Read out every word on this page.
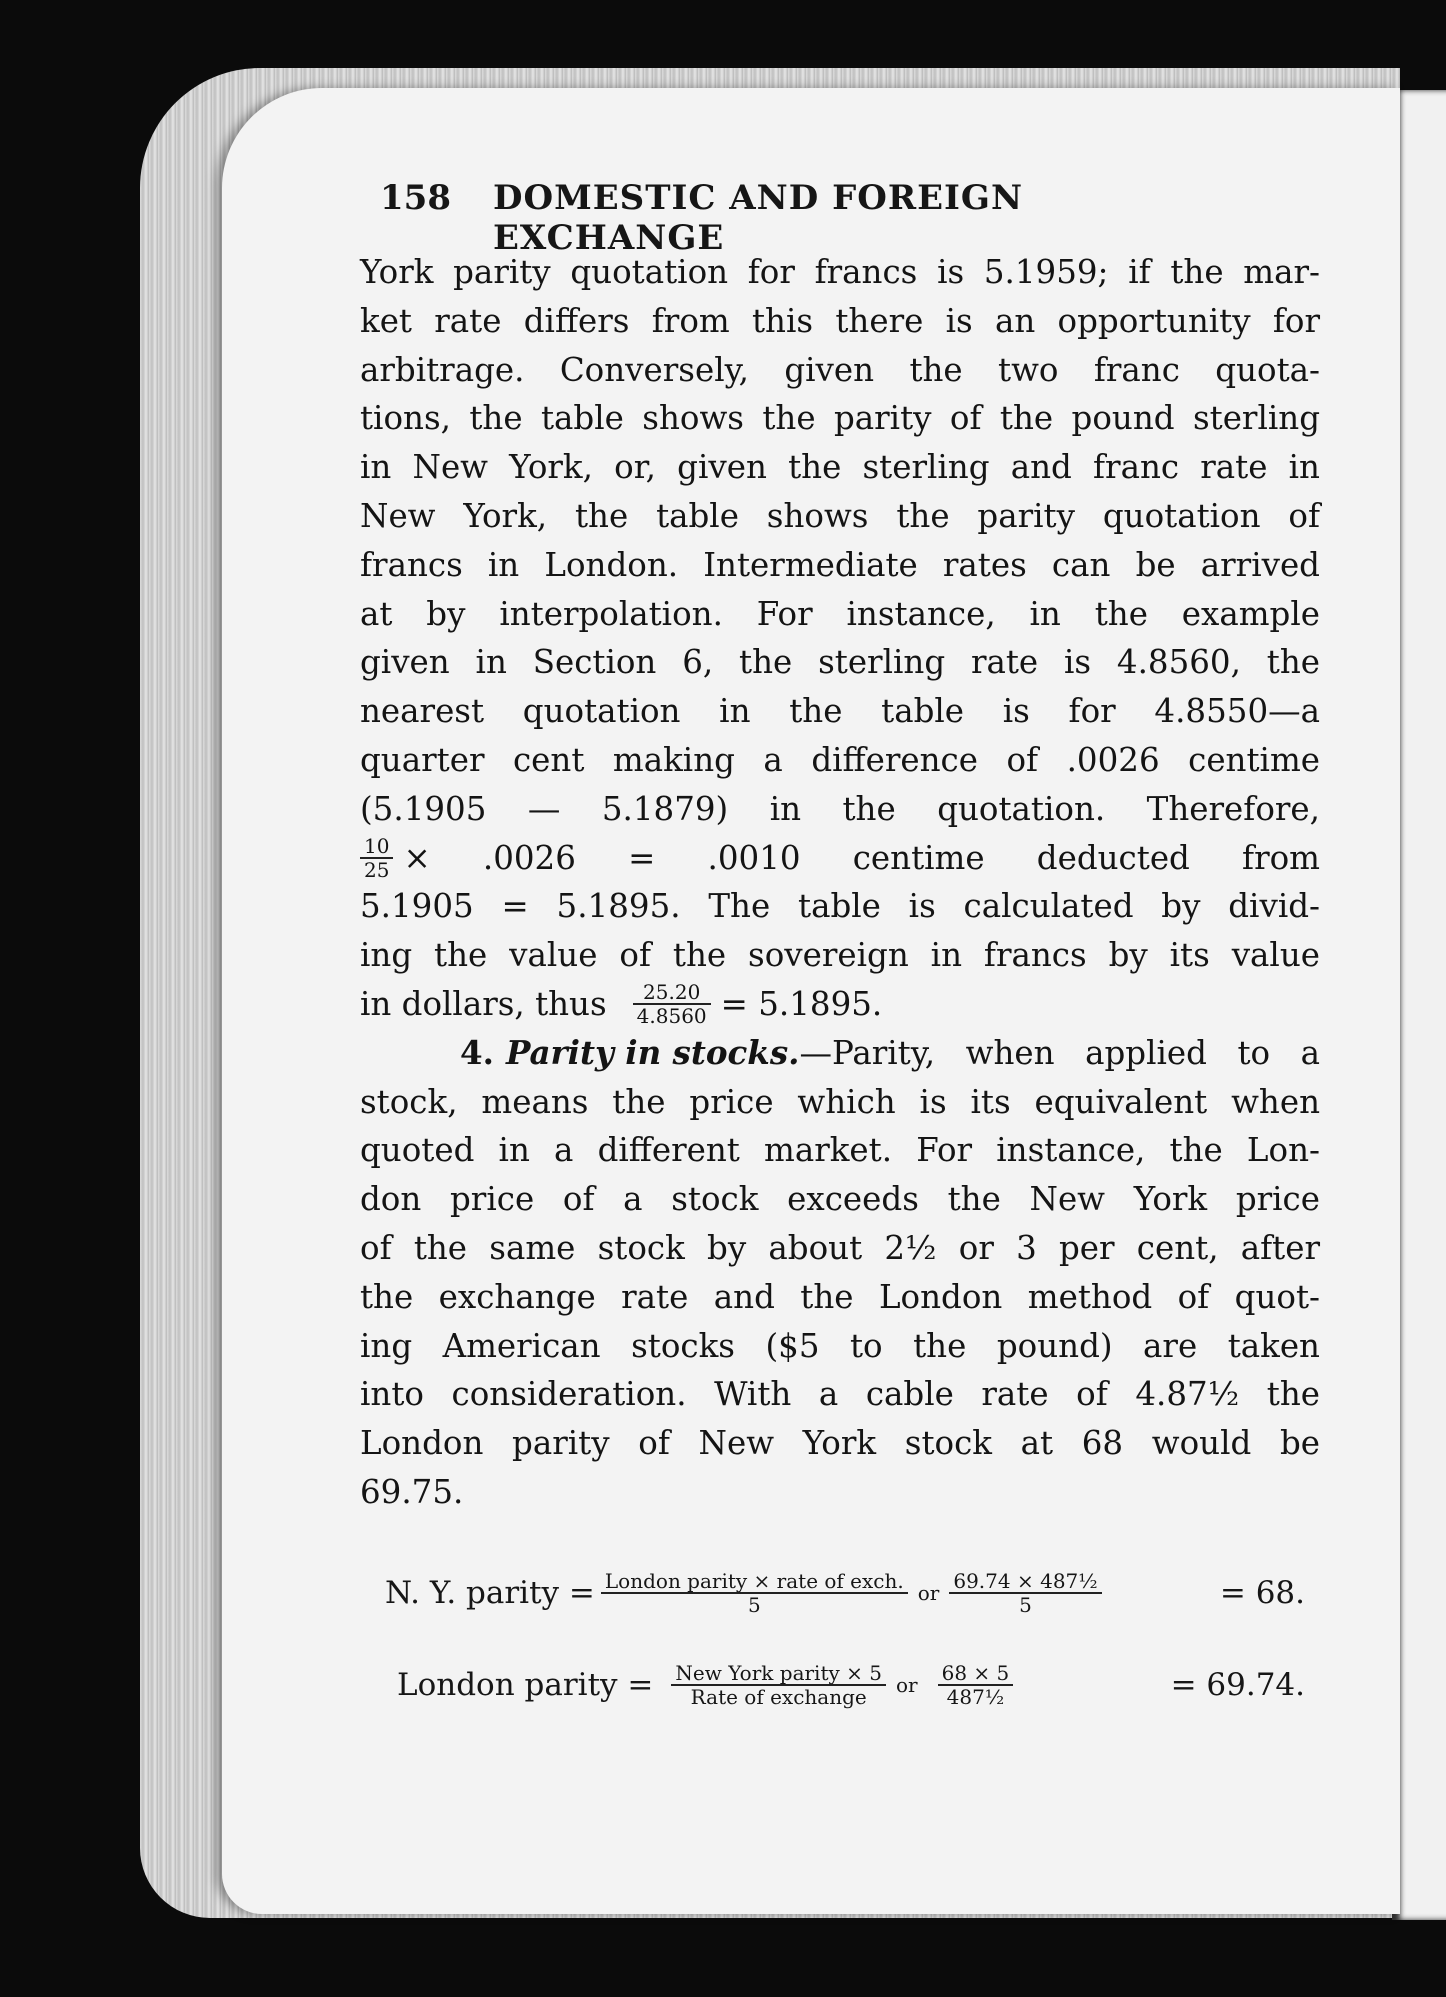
158 DOMESTIC AND FOREIGN EXCHANGE
York parity quotation for francs is 5.1959; if the mar-
ket rate differs from this there is an opportunity for
arbitrage. Conversely, given the two franc quota-
tions, the table shows the parity of the pound sterling
in New York, or, given the sterling and franc rate in
New York, the table shows the parity quotation of
francs in London. Intermediate rates can be arrived
at by interpolation. For instance, in the example
given in Section 6, the sterling rate is 4.8560, the
nearest quotation in the table is for 4.8550—a
quarter cent making a difference of .0026 centime
(5.1905 — 5.1879) in the quotation. Therefore,
$\frac{10}{25} \times .0026 = .0010$ centime deducted from
5.1905 = 5.1895. The table is calculated by divid-
ing the value of the sovereign in francs by its value
in dollars, thus $\frac{25.20}{4.8560} = 5.1895$.
4. Parity in stocks. —Parity, when applied to a
stock, means the price which is its equivalent when
quoted in a different market. For instance, the Lon-
don price of a stock exceeds the New York price
of the same stock by about 2½ or 3 per cent, after
the exchange rate and the London method of quot-
ing American stocks ($5 to the pound) are taken
into consideration. With a cable rate of 4.87½ the
London parity of New York stock at 68 would be
69.75.
N. Y. parity = $\frac{\text{London parity × rate of exch.}}{5}$ or $\frac{\text{69.74 × 487½}}{5}$	= 68.
London parity = $\frac{\text{New York parity × 5}}{\text{Rate of exchange}}$ or $\frac{68 \times 5}{\text{487½}}$	= 69.74.
